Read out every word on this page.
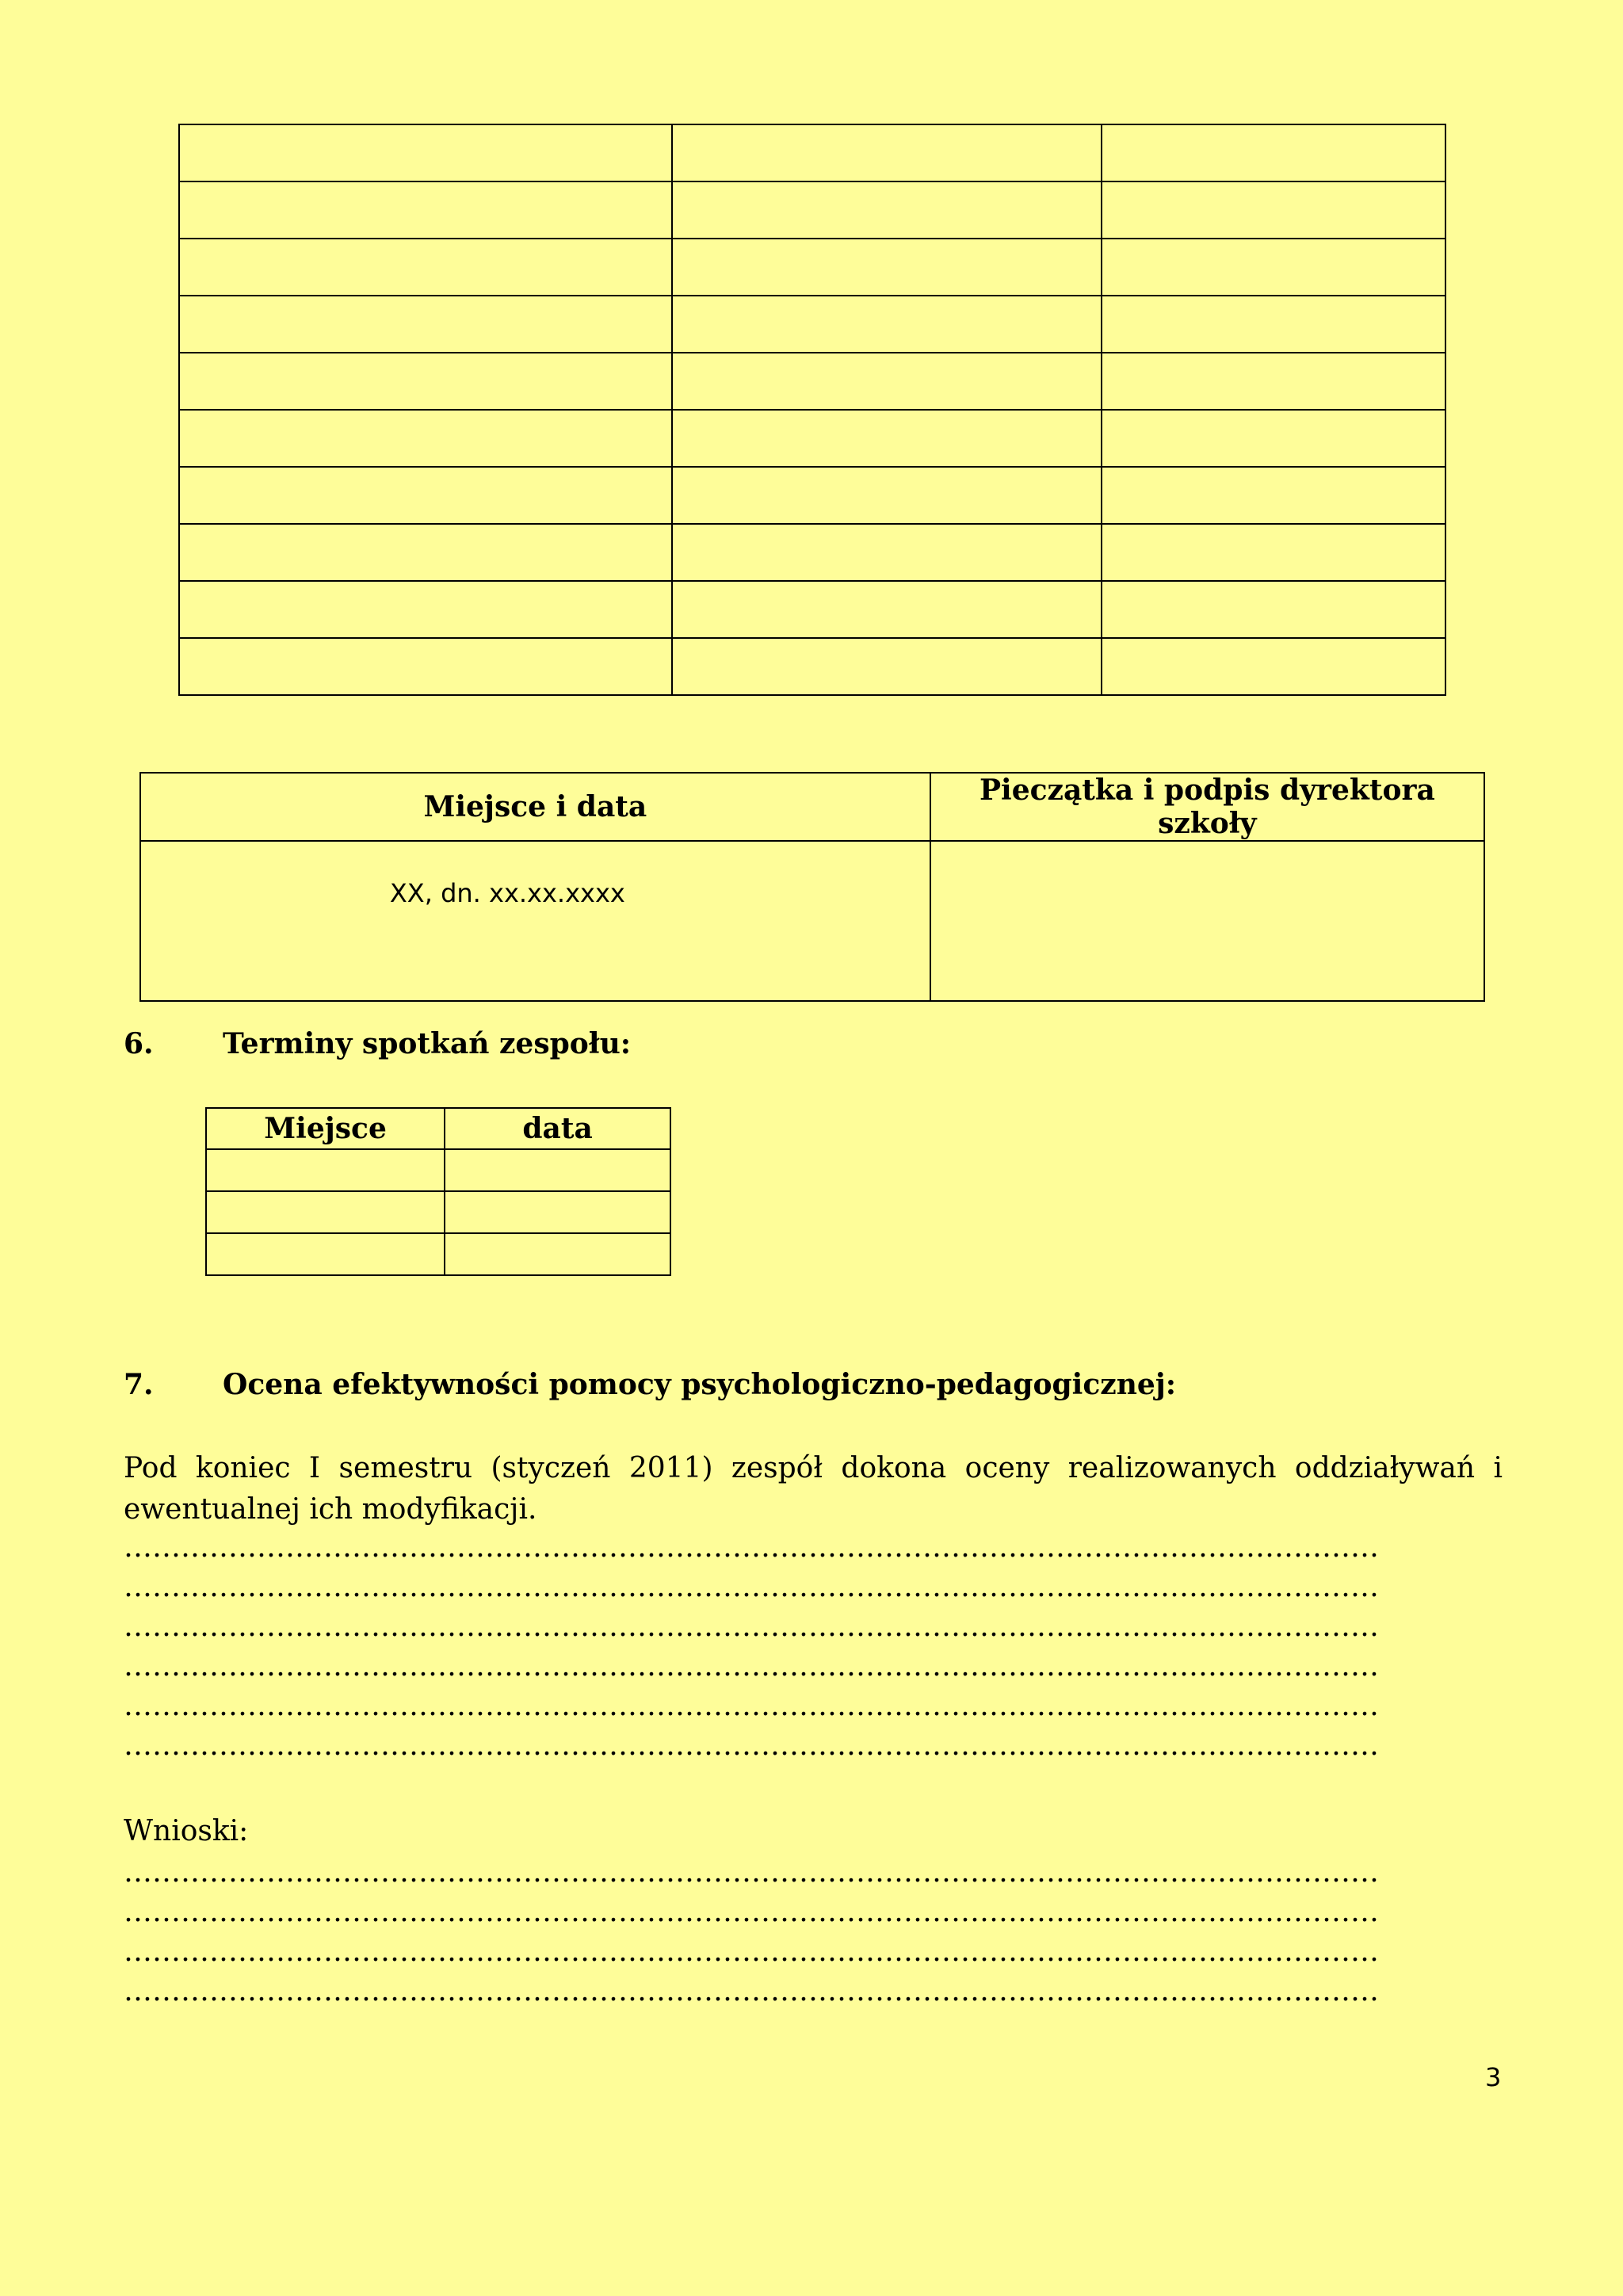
Miejsce i data	Pieczątka i podpis dyrektora szkoły

XX, dn. xx.xx.xxxx	

6. Terminy spotkań zespołu:
Miejsce	data

7. Ocena efektywności pomocy psychologiczno-pedagogicznej:

Pod koniec I semestru (styczeń 2011) zespół dokona oceny realizowanych oddziaływań i ewentualnej ich modyfikacji.

……………………………………………………………………………………………………………………
……………………………………………………………………………………………………………………
……………………………………………………………………………………………………………………
……………………………………………………………………………………………………………………
……………………………………………………………………………………………………………………
……………………………………………………………………………………………………………………

Wnioski:

……………………………………………………………………………………………………………………
……………………………………………………………………………………………………………………
……………………………………………………………………………………………………………………
……………………………………………………………………………………………………………………
3
